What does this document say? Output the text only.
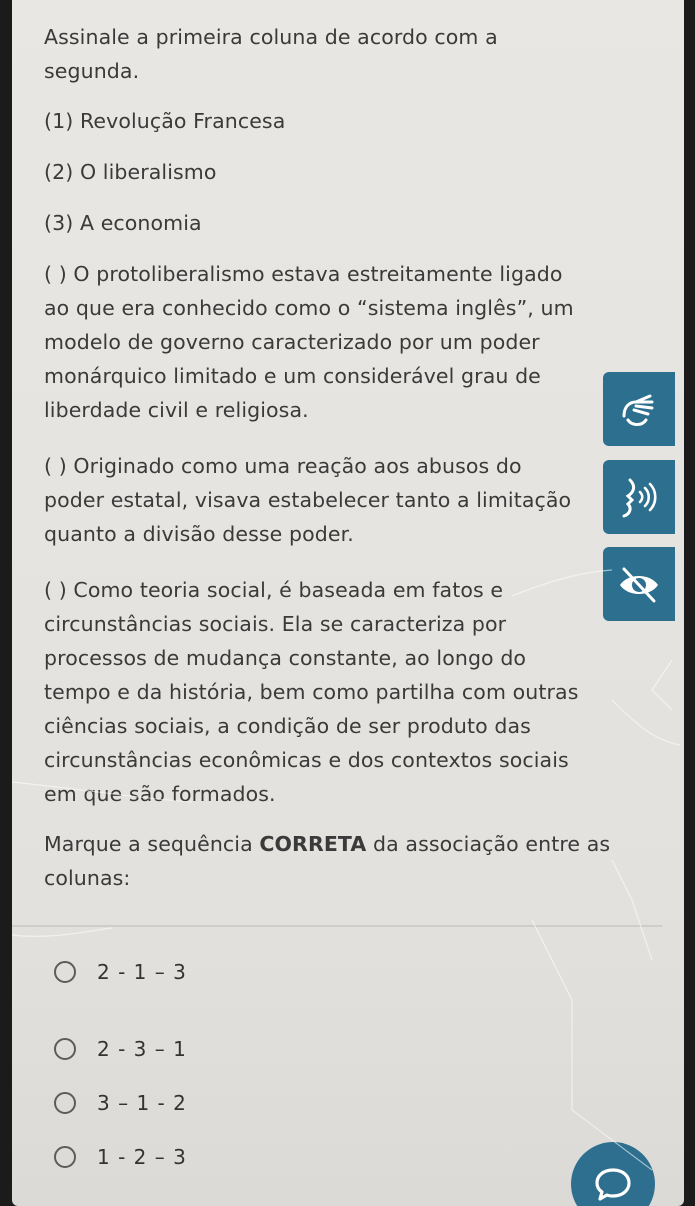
Assinale a primeira coluna de acordo com a segunda.
(1) Revolução Francesa
(2) O liberalismo
(3) A economia
( ) O protoliberalismo estava estreitamente ligado ao que era conhecido como o “sistema inglês”, um modelo de governo caracterizado por um poder monárquico limitado e um considerável grau de liberdade civil e religiosa.
( ) Originado como uma reação aos abusos do poder estatal, visava estabelecer tanto a limitação quanto a divisão desse poder.
( ) Como teoria social, é baseada em fatos e circunstâncias sociais. Ela se caracteriza por processos de mudança constante, ao longo do tempo e da história, bem como partilha com outras ciências sociais, a condição de ser produto das circunstâncias econômicas e dos contextos sociais em que são formados.
Marque a sequência CORRETA da associação entre as colunas:
2 - 1 – 3
2 - 3 – 1
3 – 1 - 2
1 - 2 – 3
